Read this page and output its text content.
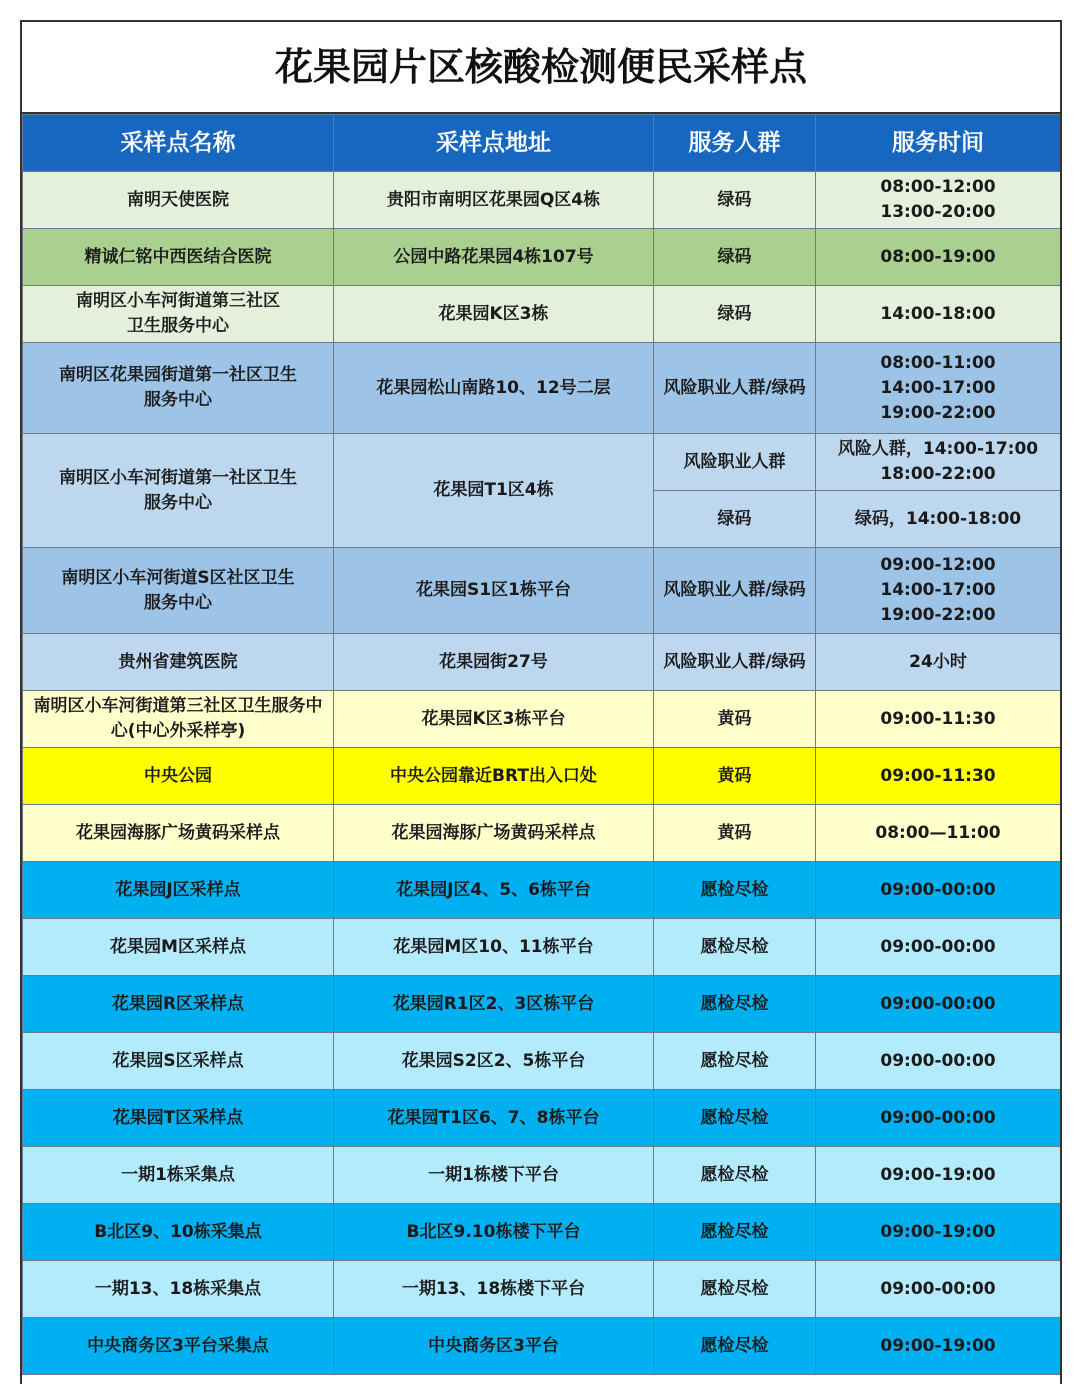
花果园片区核酸检测便民采样点
采样点名称	采样点地址	服务人群	服务时间

南明天使医院	贵阳市南明区花果园Q区4栋	绿码	08:00-12:00
13:00-20:00

精诚仁铭中西医结合医院	公园中路花果园4栋107号	绿码	08:00-19:00

南明区小车河街道第三社区
卫生服务中心	花果园K区3栋	绿码	14:00-18:00

南明区花果园街道第一社区卫生
服务中心	花果园松山南路10、12号二层	风险职业人群/绿码	08:00-11:00
14:00-17:00
19:00-22:00

南明区小车河街道第一社区卫生
服务中心	花果园T1区4栋	风险职业人群	风险人群，14:00-17:00
18:00-22:00

		绿码	绿码，14:00-18:00

南明区小车河街道S区社区卫生
服务中心	花果园S1区1栋平台	风险职业人群/绿码	09:00-12:00
14:00-17:00
19:00-22:00

贵州省建筑医院	花果园街27号	风险职业人群/绿码	24小时

南明区小车河街道第三社区卫生服务中
心(中心外采样亭)	花果园K区3栋平台	黄码	09:00-11:30

中央公园	中央公园靠近BRT出入口处	黄码	09:00-11:30

花果园海豚广场黄码采样点	花果园海豚广场黄码采样点	黄码	08:00—11:00

花果园J区采样点	花果园J区4、5、6栋平台	愿检尽检	09:00-00:00

花果园M区采样点	花果园M区10、11栋平台	愿检尽检	09:00-00:00

花果园R区采样点	花果园R1区2、3区栋平台	愿检尽检	09:00-00:00

花果园S区采样点	花果园S2区2、5栋平台	愿检尽检	09:00-00:00

花果园T区采样点	花果园T1区6、7、8栋平台	愿检尽检	09:00-00:00

一期1栋采集点	一期1栋楼下平台	愿检尽检	09:00-19:00

B北区9、10栋采集点	B北区9.10栋楼下平台	愿检尽检	09:00-19:00

一期13、18栋采集点	一期13、18栋楼下平台	愿检尽检	09:00-00:00

中央商务区3平台采集点	中央商务区3平台	愿检尽检	09:00-19:00
